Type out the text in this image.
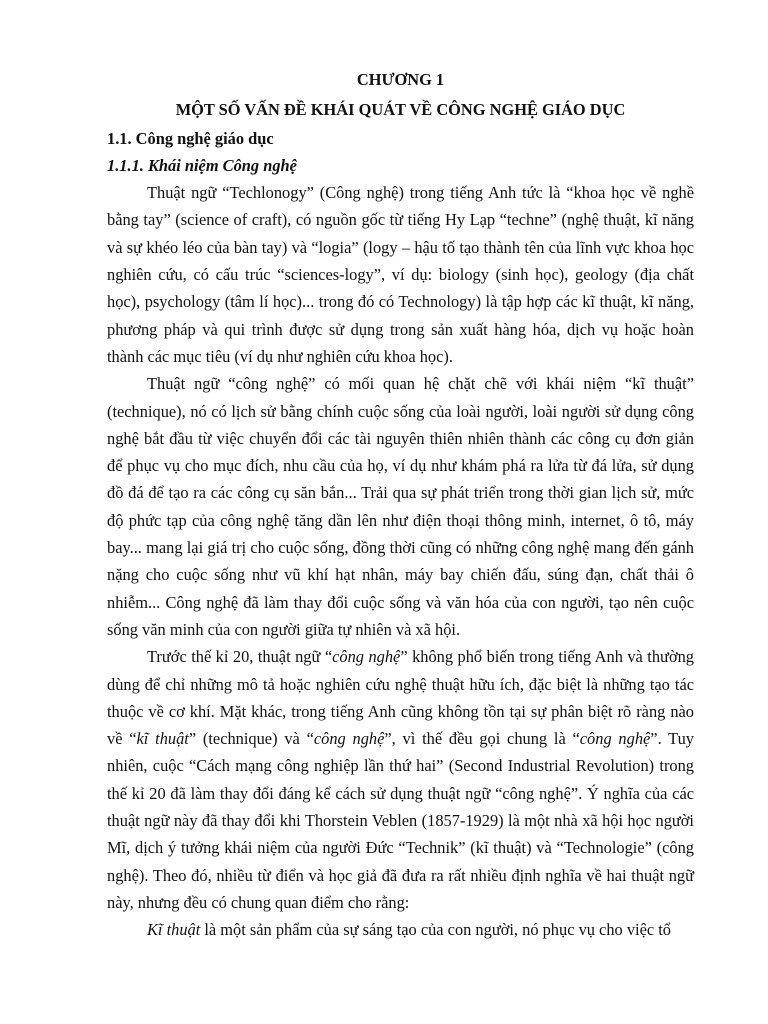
CHƯƠNG 1

MỘT SỐ VẤN ĐỀ KHÁI QUÁT VỀ CÔNG NGHỆ GIÁO DỤC

1.1. Công nghệ giáo dục

1.1.1. Khái niệm Công nghệ

Thuật ngữ “Techlonogy” (Công nghệ) trong tiếng Anh tức là “khoa học về nghề bằng tay” (science of craft), có nguồn gốc từ tiếng Hy Lạp “techne” (nghệ thuật, kĩ năng và sự khéo léo của bàn tay) và “logia” (logy – hậu tố tạo thành tên của lĩnh vực khoa học nghiên cứu, có cấu trúc “sciences-logy”, ví dụ: biology (sinh học), geology (địa chất học), psychology (tâm lí học)... trong đó có Technology) là tập hợp các kĩ thuật, kĩ năng, phương pháp và qui trình được sử dụng trong sản xuất hàng hóa, dịch vụ hoặc hoàn thành các mục tiêu (ví dụ như nghiên cứu khoa học).

Thuật ngữ “công nghệ” có mối quan hệ chặt chẽ với khái niệm “kĩ thuật” (technique), nó có lịch sử bằng chính cuộc sống của loài người, loài người sử dụng công nghệ bắt đầu từ việc chuyển đổi các tài nguyên thiên nhiên thành các công cụ đơn giản để phục vụ cho mục đích, nhu cầu của họ, ví dụ như khám phá ra lửa từ đá lửa, sử dụng đồ đá để tạo ra các công cụ săn bắn... Trải qua sự phát triển trong thời gian lịch sử, mức độ phức tạp của công nghệ tăng dần lên như điện thoại thông minh, internet, ô tô, máy bay... mang lại giá trị cho cuộc sống, đồng thời cũng có những công nghệ mang đến gánh nặng cho cuộc sống như vũ khí hạt nhân, máy bay chiến đấu, súng đạn, chất thải ô nhiễm... Công nghệ đã làm thay đổi cuộc sống và văn hóa của con người, tạo nên cuộc sống văn minh của con người giữa tự nhiên và xã hội.

Trước thế kỉ 20, thuật ngữ “công nghệ” không phổ biến trong tiếng Anh và thường dùng để chỉ những mô tả hoặc nghiên cứu nghệ thuật hữu ích, đặc biệt là những tạo tác thuộc về cơ khí. Mặt khác, trong tiếng Anh cũng không tồn tại sự phân biệt rõ ràng nào về “kĩ thuật” (technique) và “công nghệ”, vì thế đều gọi chung là “công nghệ”. Tuy nhiên, cuộc “Cách mạng công nghiệp lần thứ hai” (Second Industrial Revolution) trong thế kỉ 20 đã làm thay đổi đáng kể cách sử dụng thuật ngữ “công nghệ”. Ý nghĩa của các thuật ngữ này đã thay đổi khi Thorstein Veblen (1857-1929) là một nhà xã hội học người Mĩ, dịch ý tưởng khái niệm của người Đức “Technik” (kĩ thuật) và “Technologie” (công nghệ). Theo đó, nhiều từ điển và học giả đã đưa ra rất nhiều định nghĩa về hai thuật ngữ này, nhưng đều có chung quan điểm cho rằng:

Kĩ thuật là một sản phẩm của sự sáng tạo của con người, nó phục vụ cho việc tổ
